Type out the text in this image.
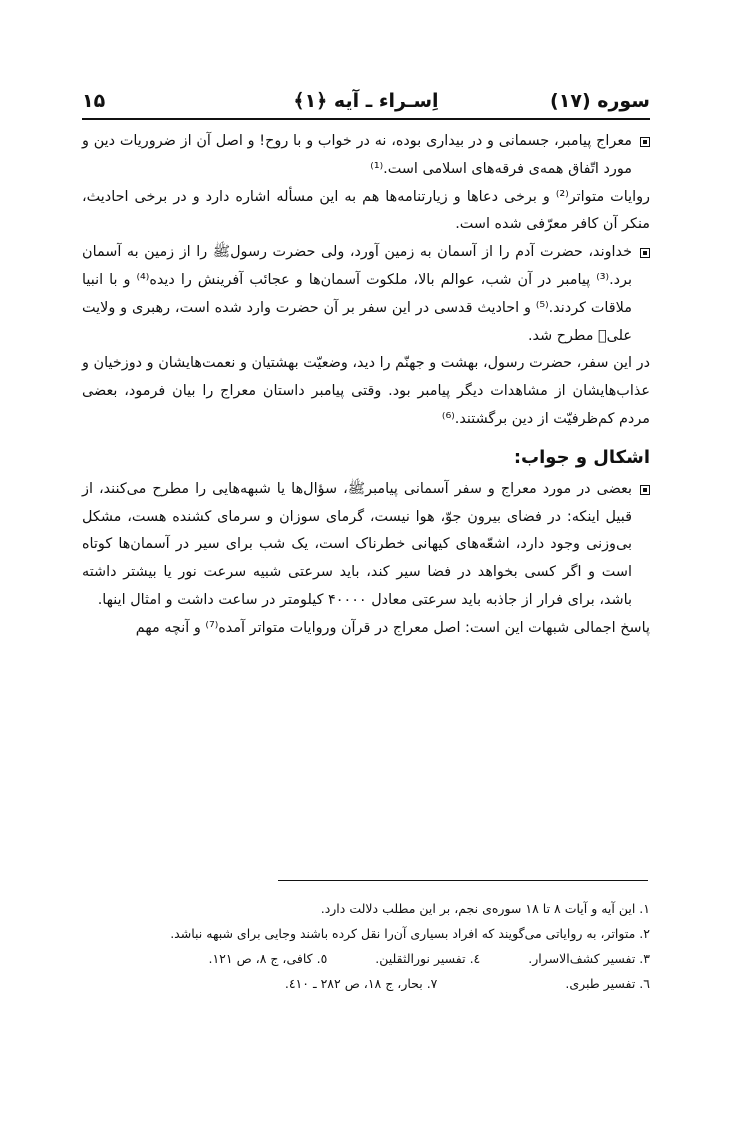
سوره (۱۷)
اِسـراء ـ آیه ﴿۱﴾
۱۵

معراج پیامبر، جسمانی و در بیداری بوده، نه در خواب و با روح! و اصل آن از ضروریات دین و مورد اتّفاق همه‌ی فرقه‌های اسلامی است.⁽¹⁾

روایات متواتر⁽²⁾ و برخی دعاها و زیارتنامه‌ها هم به این مسأله اشاره دارد و در برخی احادیث، منکر آن کافر معرّفی شده است.

خداوند، حضرت آدم را از آسمان به زمین آورد، ولی حضرت رسول‌ﷺ را از زمین به آسمان برد.⁽³⁾ پیامبر در آن شب، عوالم بالا، ملکوت آسمان‌ها و عجائب آفرینش را دیده⁽⁴⁾ و با انبیا ملاقات کردند.⁽⁵⁾ و احادیث قدسی در این سفر بر آن حضرت وارد شده است، رهبری و ولایت علیؑ مطرح شد.

در این سفر، حضرت رسول، بهشت و جهنّم را دید، وضعیّت بهشتیان و نعمت‌هایشان و دوزخیان و عذاب‌هایشان از مشاهدات دیگر پیامبر بود. وقتی پیامبر داستان معراج را بیان فرمود، بعضی مردم کم‌ظرفیّت از دین برگشتند.⁽⁶⁾

اشکال و جواب:

بعضی در مورد معراج و سفر آسمانی پیامبرﷺ، سؤال‌ها یا شبهه‌هایی را مطرح می‌کنند، از قبیل اینکه: در فضای بیرون جوّ، هوا نیست، گرمای سوزان و سرمای کشنده هست، مشکل بی‌وزنی وجود دارد، اشعّه‌های کیهانی خطرناک است، یک شب برای سیر در آسمان‌ها کوتاه است و اگر کسی بخواهد در فضا سیر کند، باید سرعتی شبیه سرعت نور یا بیشتر داشته باشد، برای فرار از جاذبه باید سرعتی معادل ۴۰۰۰۰ کیلومتر در ساعت داشت و امثال اینها.

پاسخ اجمالی شبهات این است: اصل معراج در قرآن وروایات متواتر آمده⁽⁷⁾ و آنچه مهم

١. این آیه و آیات ٨ تا ١٨ سوره‌ی نجم، بر این مطلب دلالت دارد.
٢. متواتر، به روایاتی می‌گویند که افراد بسیاری آن‌را نقل کرده باشند وجایی برای شبهه نباشد.
٣. تفسیر کشف‌الاسرار.  ٤. تفسیر نورالثقلین.  ٥. کافی، ج ٨، ص ١٢١.
٦. تفسیر طبری.  ٧. بحار، ج ١٨، ص ٢٨٢ ـ ٤١٠.
